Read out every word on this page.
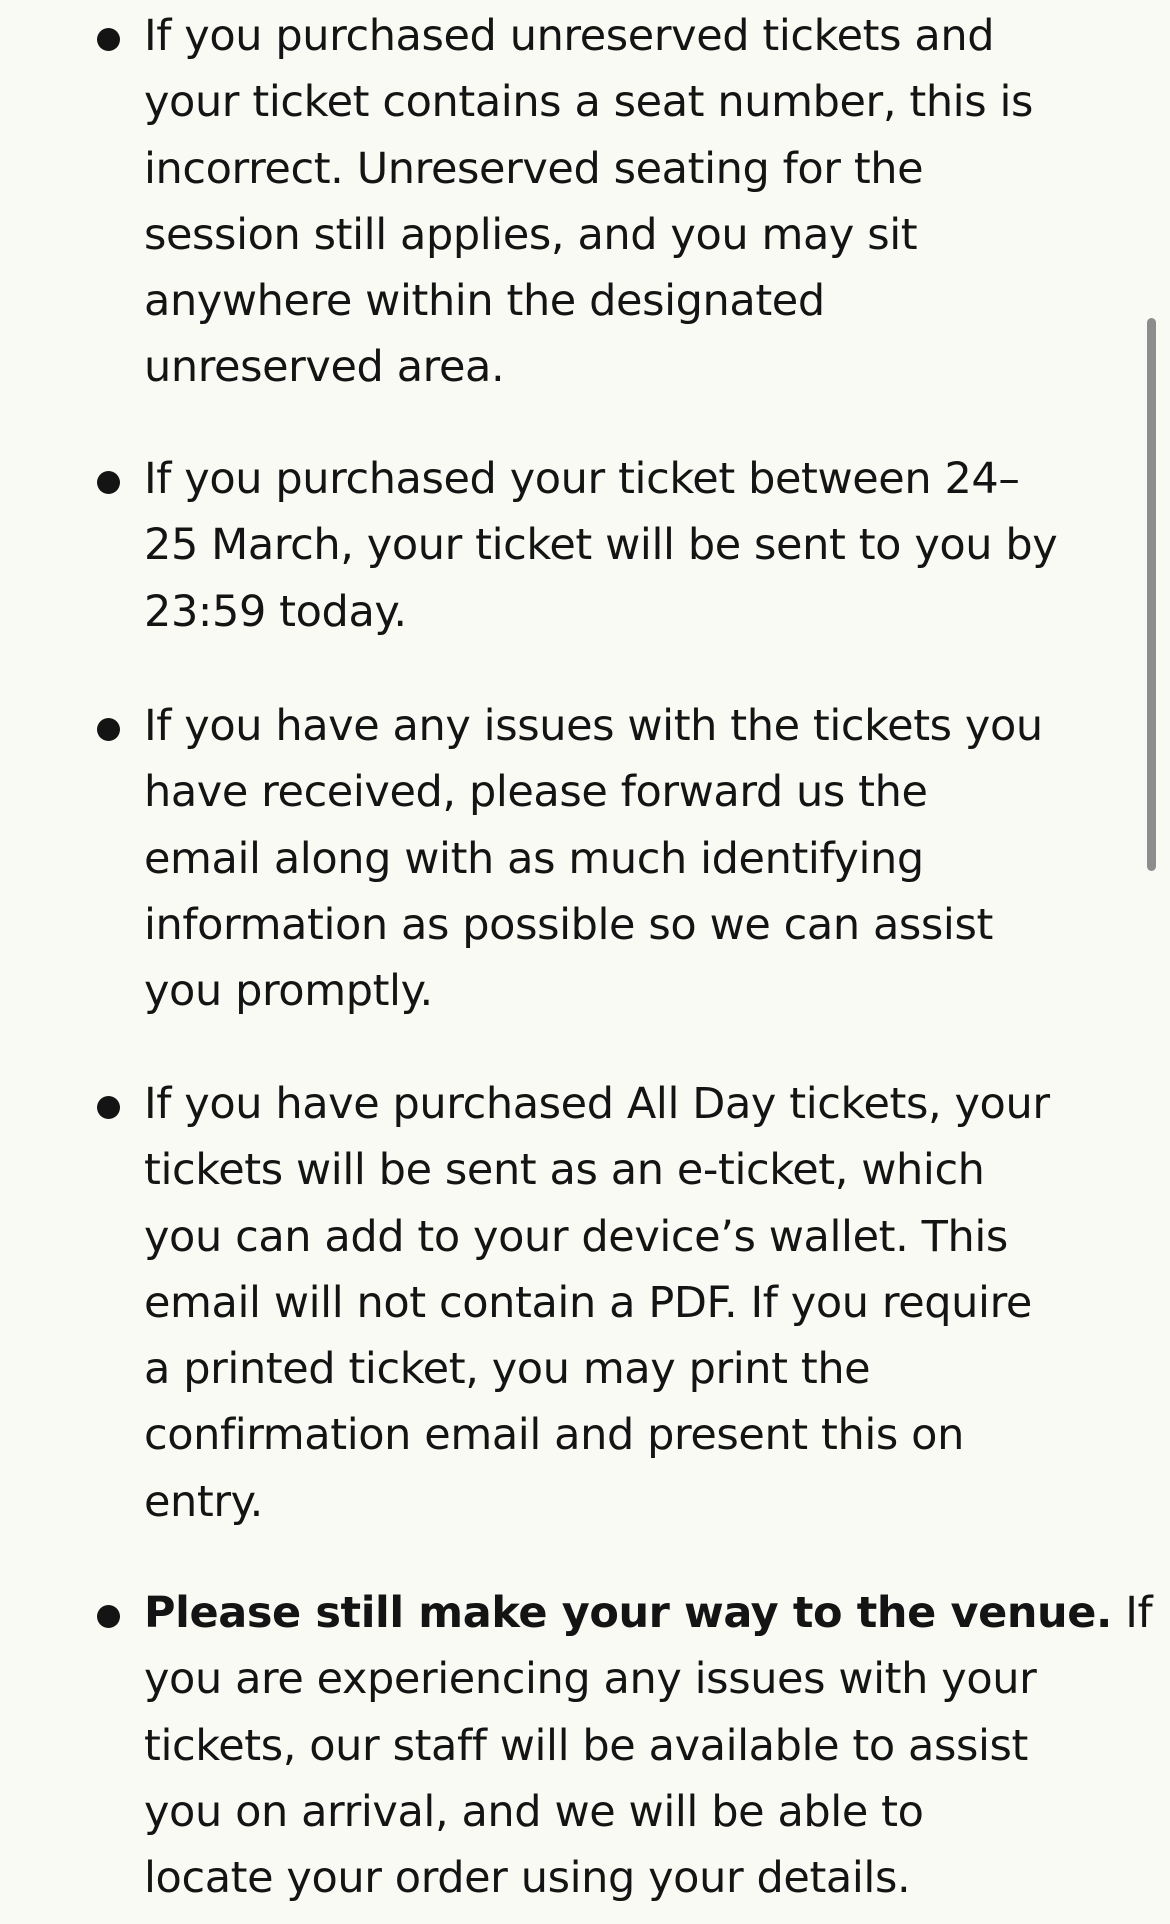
If you purchased unreserved tickets and
your ticket contains a seat number, this is
incorrect. Unreserved seating for the
session still applies, and you may sit
anywhere within the designated
unreserved area.
If you purchased your ticket between 24–
25 March, your ticket will be sent to you by
23:59 today.
If you have any issues with the tickets you
have received, please forward us the
email along with as much identifying
information as possible so we can assist
you promptly.
If you have purchased All Day tickets, your
tickets will be sent as an e-ticket, which
you can add to your device’s wallet. This
email will not contain a PDF. If you require
a printed ticket, you may print the
confirmation email and present this on
entry.
Please still make your way to the venue. If
you are experiencing any issues with your
tickets, our staff will be available to assist
you on arrival, and we will be able to
locate your order using your details.
